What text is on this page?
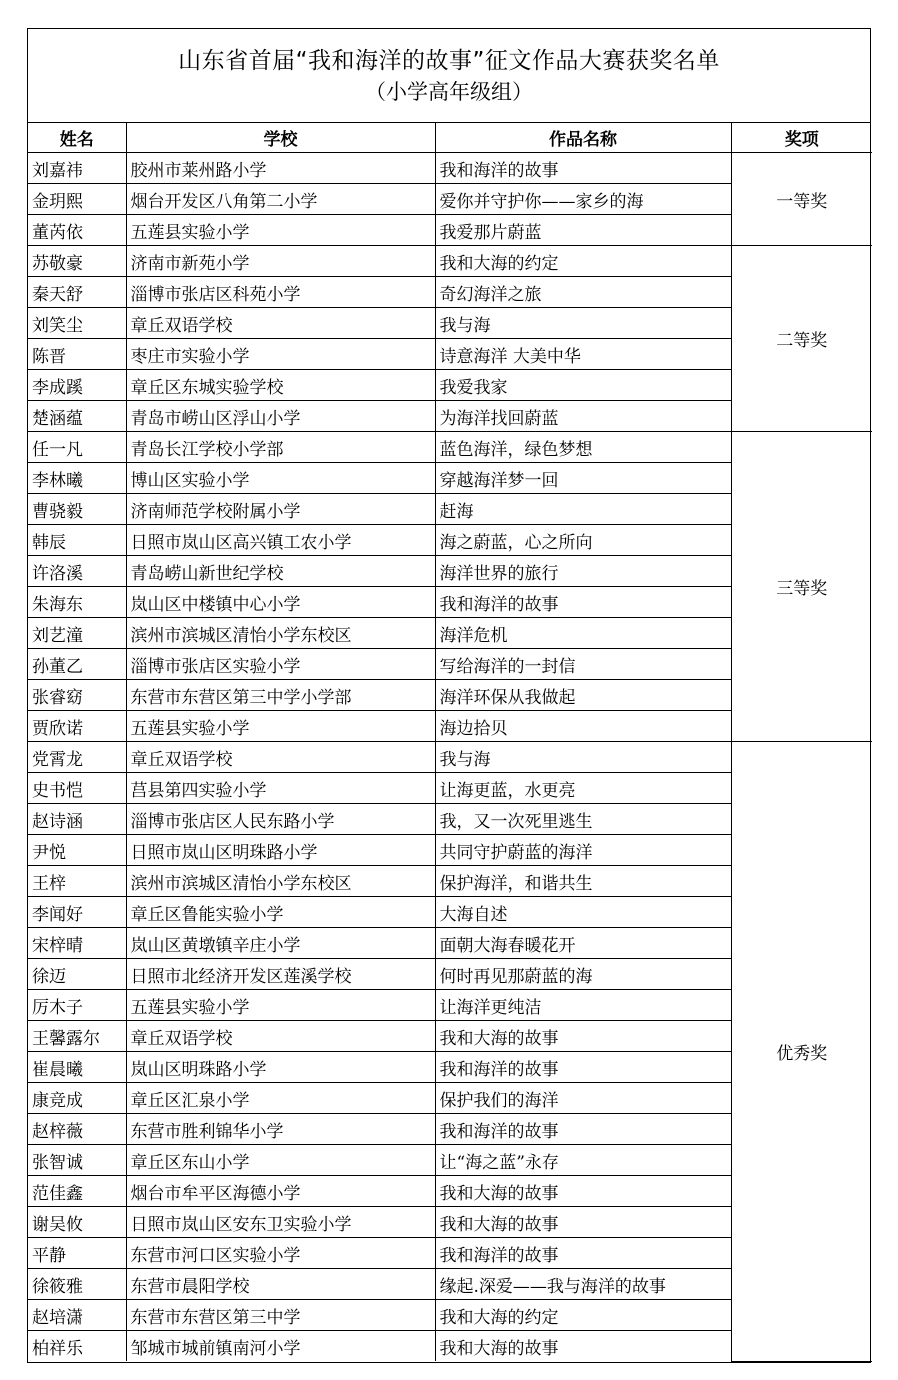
山东省首届“我和海洋的故事”征文作品大赛获奖名单
（小学高年级组）
姓名	学校	作品名称	奖项
刘嘉祎	胶州市莱州路小学	我和海洋的故事	一等奖
金玥熙	烟台开发区八角第二小学	爱你并守护你——家乡的海	
董芮依	五莲县实验小学	我爱那片蔚蓝	
苏敬豪	济南市新苑小学	我和大海的约定	二等奖
秦天舒	淄博市张店区科苑小学	奇幻海洋之旅	
刘笑尘	章丘双语学校	我与海	
陈晋	枣庄市实验小学	诗意海洋 大美中华	
李成蹊	章丘区东城实验学校	我爱我家	
楚涵蕴	青岛市崂山区浮山小学	为海洋找回蔚蓝	
任一凡	青岛长江学校小学部	蓝色海洋，绿色梦想	三等奖
李林曦	博山区实验小学	穿越海洋梦一回	
曹骁毅	济南师范学校附属小学	赶海	
韩辰	日照市岚山区高兴镇工农小学	海之蔚蓝，心之所向	
许洛溪	青岛崂山新世纪学校	海洋世界的旅行	
朱海东	岚山区中楼镇中心小学	我和海洋的故事	
刘艺潼	滨州市滨城区清怡小学东校区	海洋危机	
孙董乙	淄博市张店区实验小学	写给海洋的一封信	
张睿窈	东营市东营区第三中学小学部	海洋环保从我做起	
贾欣诺	五莲县实验小学	海边拾贝	
党霄龙	章丘双语学校	我与海	优秀奖
史书恺	莒县第四实验小学	让海更蓝，水更亮	
赵诗涵	淄博市张店区人民东路小学	我，又一次死里逃生	
尹悦	日照市岚山区明珠路小学	共同守护蔚蓝的海洋	
王梓	滨州市滨城区清怡小学东校区	保护海洋，和谐共生	
李闻好	章丘区鲁能实验小学	大海自述	
宋梓晴	岚山区黄墩镇辛庄小学	面朝大海春暖花开	
徐迈	日照市北经济开发区莲溪学校	何时再见那蔚蓝的海	
厉木子	五莲县实验小学	让海洋更纯洁	
王馨露尔	章丘双语学校	我和大海的故事	
崔晨曦	岚山区明珠路小学	我和海洋的故事	
康竞成	章丘区汇泉小学	保护我们的海洋	
赵梓薇	东营市胜利锦华小学	我和海洋的故事	
张智诚	章丘区东山小学	让“海之蓝”永存	
范佳鑫	烟台市牟平区海德小学	我和大海的故事	
谢吴攸	日照市岚山区安东卫实验小学	我和大海的故事	
平静	东营市河口区实验小学	我和海洋的故事	
徐筱雅	东营市晨阳学校	缘起.深爱——我与海洋的故事	
赵培潇	东营市东营区第三中学	我和大海的约定	
柏祥乐	邹城市城前镇南河小学	我和大海的故事	
